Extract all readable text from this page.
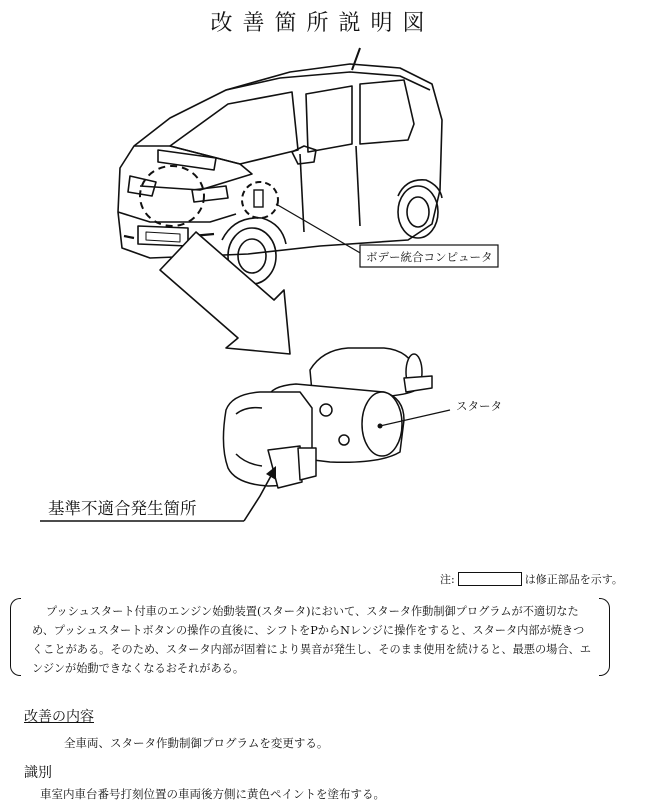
改善箇所説明図
ボデー統合コンピュータ
スタータ
基準不適合発生箇所
注:	は修正部品を示す。

プッシュスタート付車のエンジン始動装置(スタータ)において、スタータ作動制御プログラムが不適切なため、プッシュスタートボタンの操作の直後に、シフトをPからNレンジに操作をすると、スタータ内部が焼きつくことがある。そのため、スタータ内部が固着により異音が発生し、そのまま使用を続けると、最悪の場合、エンジンが始動できなくなるおそれがある。

改善の内容
全車両、スタータ作動制御プログラムを変更する。
識別
車室内車台番号打刻位置の車両後方側に黄色ペイントを塗布する。
